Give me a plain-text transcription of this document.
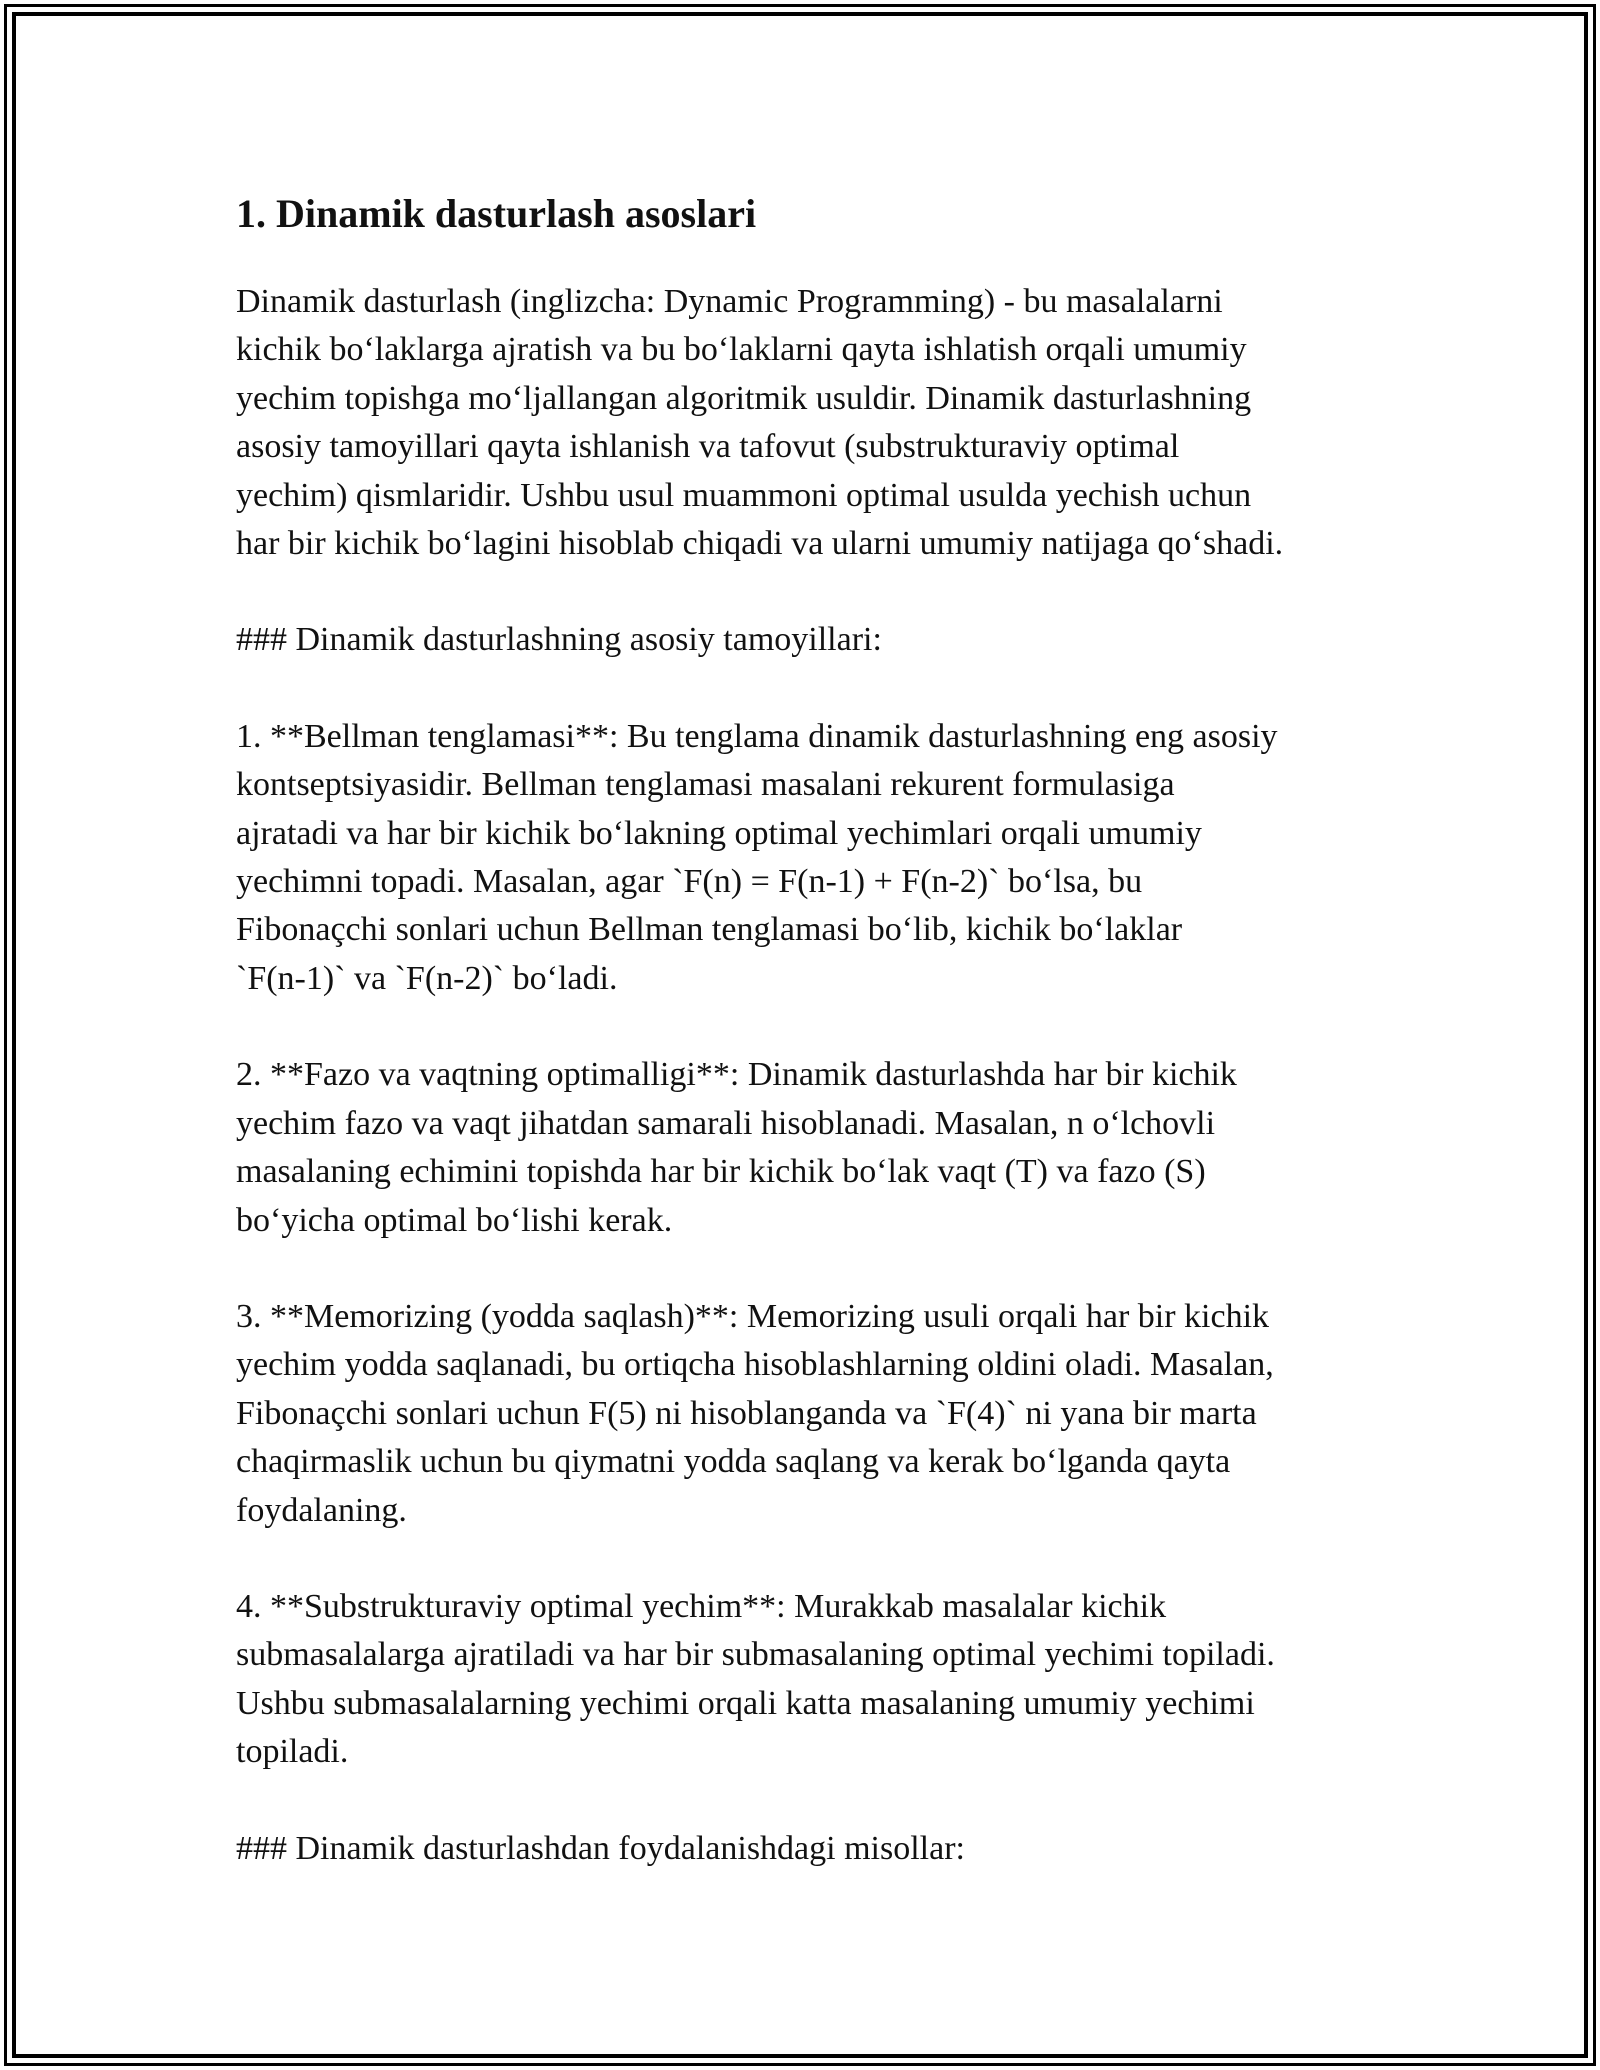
1. Dinamik dasturlash asoslari

Dinamik dasturlash (inglizcha: Dynamic Programming) - bu masalalarni
kichik bo‘laklarga ajratish va bu bo‘laklarni qayta ishlatish orqali umumiy
yechim topishga mo‘ljallangan algoritmik usuldir. Dinamik dasturlashning
asosiy tamoyillari qayta ishlanish va tafovut (substrukturaviy optimal
yechim) qismlaridir. Ushbu usul muammoni optimal usulda yechish uchun
har bir kichik bo‘lagini hisoblab chiqadi va ularni umumiy natijaga qo‘shadi.

### Dinamik dasturlashning asosiy tamoyillari:

1. **Bellman tenglamasi**: Bu tenglama dinamik dasturlashning eng asosiy
kontseptsiyasidir. Bellman tenglamasi masalani rekurent formulasiga
ajratadi va har bir kichik bo‘lakning optimal yechimlari orqali umumiy
yechimni topadi. Masalan, agar `F(n) = F(n-1) + F(n-2)` bo‘lsa, bu
Fibonaçchi sonlari uchun Bellman tenglamasi bo‘lib, kichik bo‘laklar
`F(n-1)` va `F(n-2)` bo‘ladi.

2. **Fazo va vaqtning optimalligi**: Dinamik dasturlashda har bir kichik
yechim fazo va vaqt jihatdan samarali hisoblanadi. Masalan, n o‘lchovli
masalaning echimini topishda har bir kichik bo‘lak vaqt (T) va fazo (S)
bo‘yicha optimal bo‘lishi kerak.

3. **Memorizing (yodda saqlash)**: Memorizing usuli orqali har bir kichik
yechim yodda saqlanadi, bu ortiqcha hisoblashlarning oldini oladi. Masalan,
Fibonaçchi sonlari uchun F(5) ni hisoblanganda va `F(4)` ni yana bir marta
chaqirmaslik uchun bu qiymatni yodda saqlang va kerak bo‘lganda qayta
foydalaning.

4. **Substrukturaviy optimal yechim**: Murakkab masalalar kichik
submasalalarga ajratiladi va har bir submasalaning optimal yechimi topiladi.
Ushbu submasalalarning yechimi orqali katta masalaning umumiy yechimi
topiladi.

### Dinamik dasturlashdan foydalanishdagi misollar:
